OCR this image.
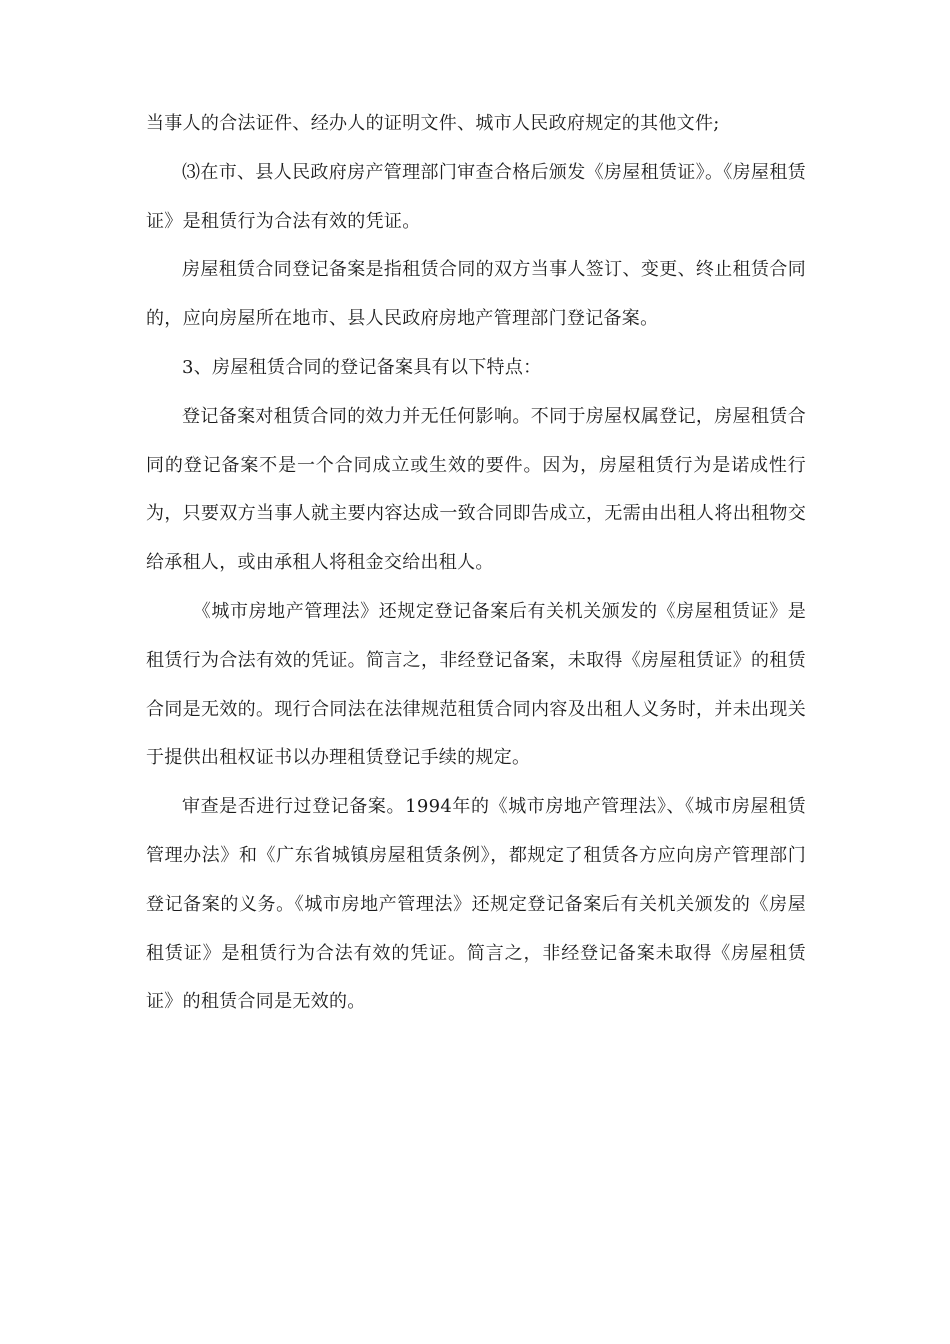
当事人的合法证件、经办人的证明文件、城市人民政府规定的其他文件;

⑶在市、县人民政府房产管理部门审查合格后颁发《房屋租赁证》。《房屋租赁证》是租赁行为合法有效的凭证。

房屋租赁合同登记备案是指租赁合同的双方当事人签订、变更、终止租赁合同的，应向房屋所在地市、县人民政府房地产管理部门登记备案。

3、房屋租赁合同的登记备案具有以下特点：

登记备案对租赁合同的效力并无任何影响。不同于房屋权属登记，房屋租赁合同的登记备案不是一个合同成立或生效的要件。因为，房屋租赁行为是诺成性行为，只要双方当事人就主要内容达成一致合同即告成立，无需由出租人将出租物交给承租人，或由承租人将租金交给出租人。

《城市房地产管理法》还规定登记备案后有关机关颁发的《房屋租赁证》是租赁行为合法有效的凭证。简言之，非经登记备案，未取得《房屋租赁证》的租赁合同是无效的。现行合同法在法律规范租赁合同内容及出租人义务时，并未出现关于提供出租权证书以办理租赁登记手续的规定。

审查是否进行过登记备案。1994年的《城市房地产管理法》、《城市房屋租赁管理办法》和《广东省城镇房屋租赁条例》，都规定了租赁各方应向房产管理部门登记备案的义务。《城市房地产管理法》还规定登记备案后有关机关颁发的《房屋租赁证》是租赁行为合法有效的凭证。简言之，非经登记备案未取得《房屋租赁证》的租赁合同是无效的。
